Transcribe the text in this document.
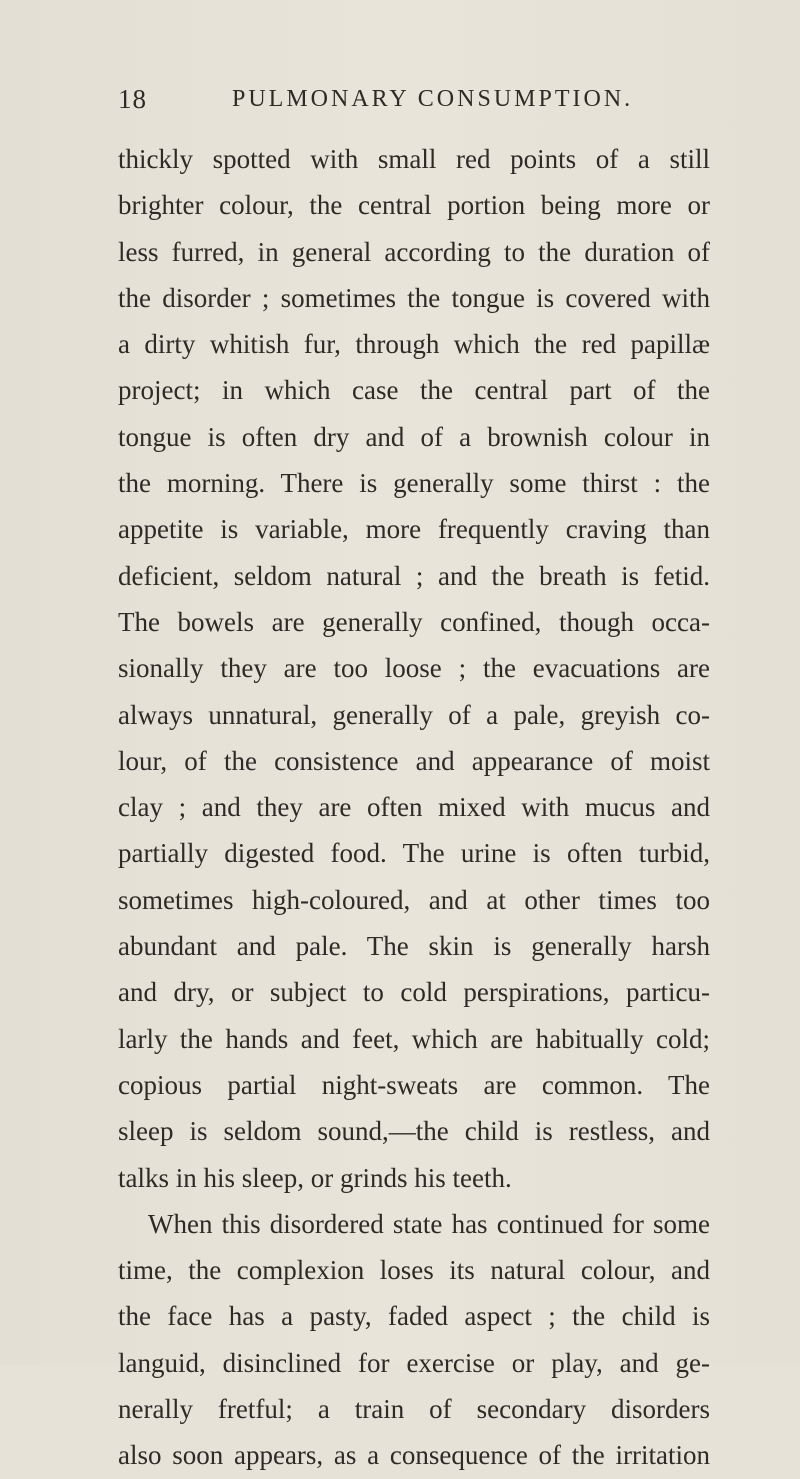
18	PULMONARY CONSUMPTION.
thickly spotted with small red points of a still
brighter colour, the central portion being more or
less furred, in general according to the duration of
the disorder ; sometimes the tongue is covered with
a dirty whitish fur, through which the red papillæ
project; in which case the central part of the
tongue is often dry and of a brownish colour in
the morning. There is generally some thirst : the
appetite is variable, more frequently craving than
deficient, seldom natural ; and the breath is fetid.
The bowels are generally confined, though occa-
sionally they are too loose ; the evacuations are
always unnatural, generally of a pale, greyish co-
lour, of the consistence and appearance of moist
clay ; and they are often mixed with mucus and
partially digested food. The urine is often turbid,
sometimes high-coloured, and at other times too
abundant and pale. The skin is generally harsh
and dry, or subject to cold perspirations, particu-
larly the hands and feet, which are habitually cold;
copious partial night-sweats are common. The
sleep is seldom sound,—the child is restless, and
talks in his sleep, or grinds his teeth.
When this disordered state has continued for some
time, the complexion loses its natural colour, and
the face has a pasty, faded aspect ; the child is
languid, disinclined for exercise or play, and ge-
nerally fretful; a train of secondary disorders
also soon appears, as a consequence of the irritation
